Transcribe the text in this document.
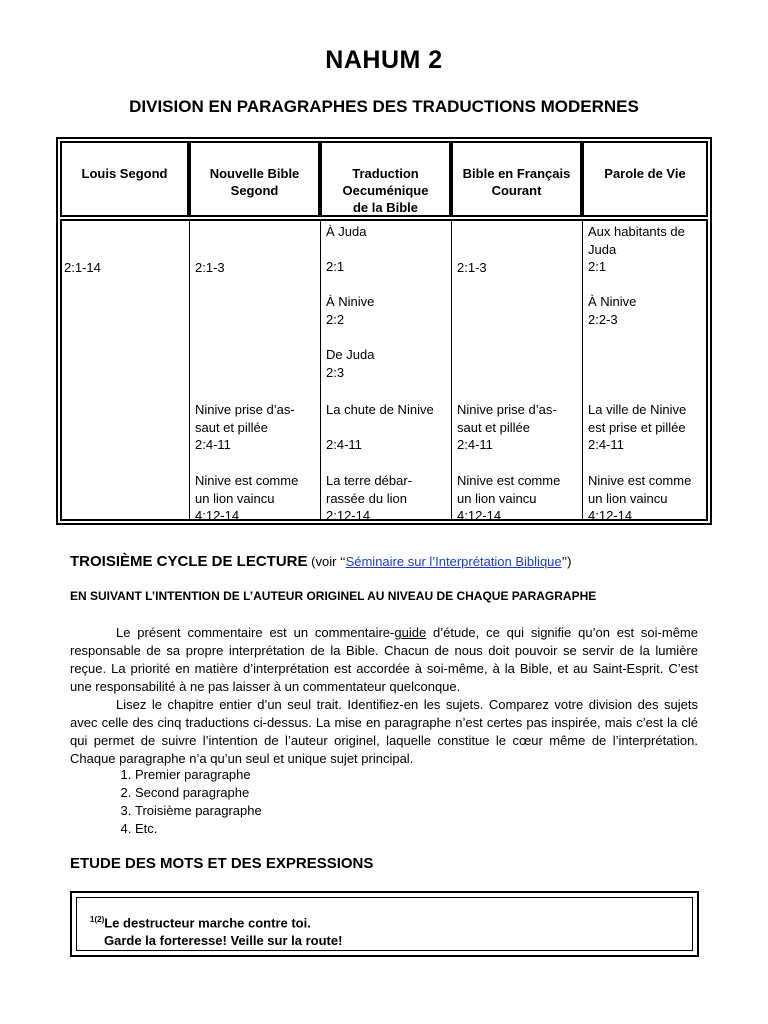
NAHUM 2
DIVISION EN PARAGRAPHES DES TRADUCTIONS MODERNES
Louis Segond	Nouvelle Bible
Segond
Traduction
Oecuménique
de la Bible
Bible en Français
Courant
Parole de Vie
2:1-14	2:1-3
Ninive prise d’as-
saut et pillée
2:4-11
Ninive est comme
un lion vaincu
4:12-14
À Juda

2:1

À Ninive
2:2

De Juda
2:3
La chute de Ninive

2:4-11
La terre débar-
rassée du lion
2:12-14
2:1-3
Ninive prise d’as-
saut et pillée
2:4-11
Ninive est comme
un lion vaincu
4:12-14
Aux habitants de
Juda
2:1

À Ninive
2:2-3
La ville de Ninive
est prise et pillée
2:4-11
Ninive est comme
un lion vaincu
4:12-14
TROISIÈME CYCLE DE LECTURE (voir ‘‘Séminaire sur l’Interprétation Biblique’’)
EN SUIVANT L’INTENTION DE L’AUTEUR ORIGINEL AU NIVEAU DE CHAQUE PARAGRAPHE

Le présent commentaire est un commentaire-guide d’étude, ce qui signifie qu’on est soi-même responsable de sa propre interprétation de la Bible. Chacun de nous doit pouvoir se servir de la lumière reçue. La priorité en matière d’interprétation est accordée à soi-même, à la Bible, et au Saint-Esprit. C’est une responsabilité à ne pas laisser à un commentateur quelconque.

Lisez le chapitre entier d’un seul trait. Identifiez-en les sujets. Comparez votre division des sujets avec celle des cinq traductions ci-dessus. La mise en paragraphe n’est certes pas inspirée, mais c’est la clé qui permet de suivre l’intention de l’auteur originel, laquelle constitue le cœur même de l’interprétation. Chaque paragraphe n’a qu’un seul et unique sujet principal.

1. Premier paragraphe
2. Second paragraphe
3. Troisième paragraphe
4. Etc.
ETUDE DES MOTS ET DES EXPRESSIONS
$^{1(2)}$Le destructeur marche contre toi.
Garde la forteresse! Veille sur la route!
